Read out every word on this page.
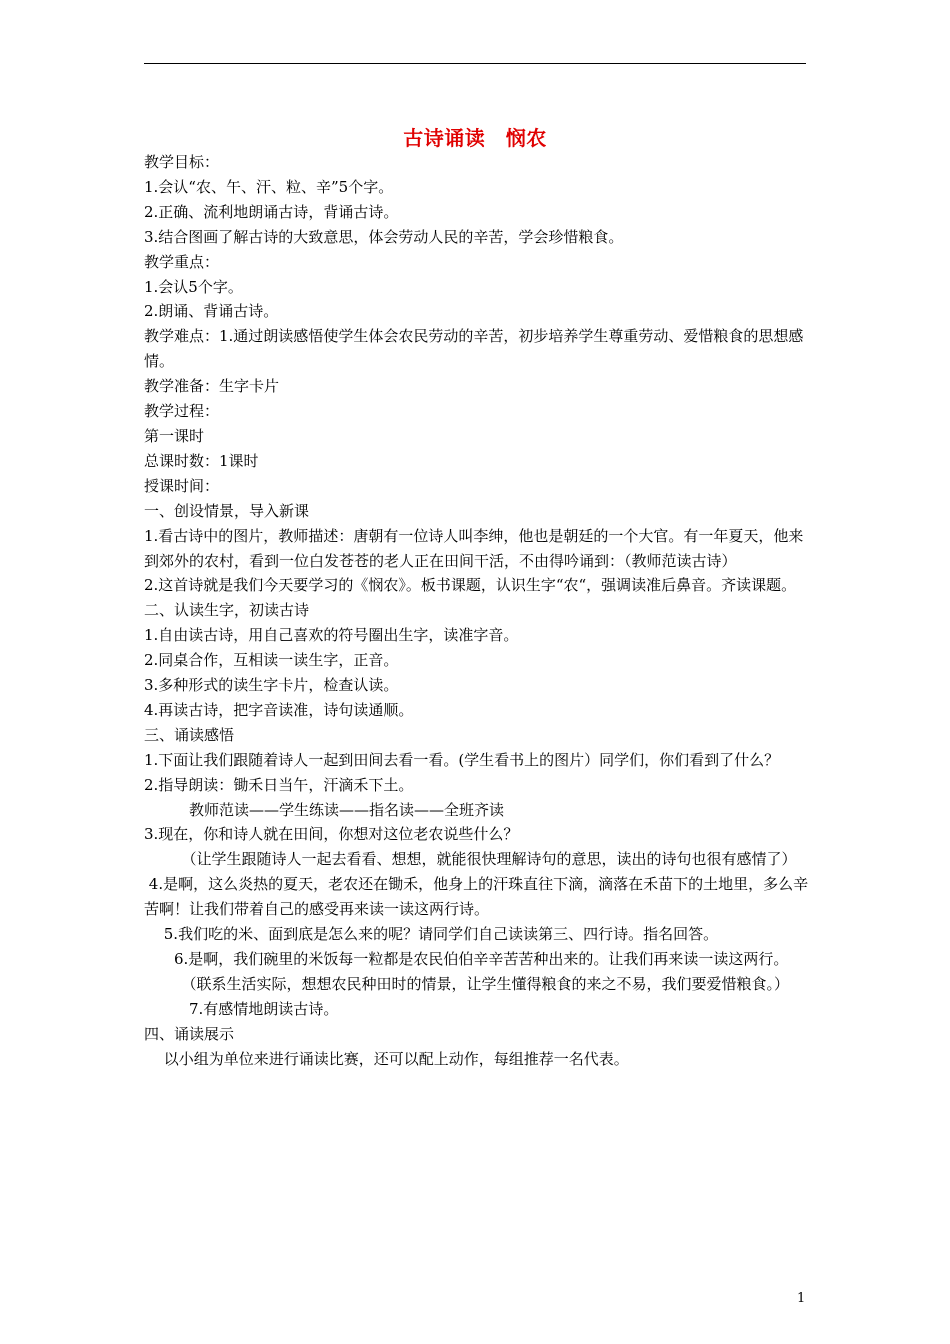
古诗诵读　悯农

教学目标：

1.会认“农、午、汗、粒、辛”5个字。

2.正确、流利地朗诵古诗，背诵古诗。

3.结合图画了解古诗的大致意思，体会劳动人民的辛苦，学会珍惜粮食。

教学重点：

1.会认5个字。

2.朗诵、背诵古诗。

教学难点：1.通过朗读感悟使学生体会农民劳动的辛苦，初步培养学生尊重劳动、爱惜粮食的思想感情。

教学准备：生字卡片

教学过程：

第一课时

总课时数：1课时

授课时间：

一、创设情景，导入新课

1.看古诗中的图片，教师描述：唐朝有一位诗人叫李绅，他也是朝廷的一个大官。有一年夏天，他来到郊外的农村，看到一位白发苍苍的老人正在田间干活，不由得吟诵到：（教师范读古诗）

2.这首诗就是我们今天要学习的《悯农》。板书课题，认识生字“农“，强调读准后鼻音。齐读课题。

二、认读生字，初读古诗

1.自由读古诗，用自己喜欢的符号圈出生字，读准字音。

2.同桌合作，互相读一读生字，正音。

3.多种形式的读生字卡片，检查认读。

4.再读古诗，把字音读准，诗句读通顺。

三、诵读感悟

1.下面让我们跟随着诗人一起到田间去看一看。(学生看书上的图片）同学们，你们看到了什么？

2.指导朗读：锄禾日当午，汗滴禾下土。

　　　教师范读——学生练读——指名读——全班齐读

3.现在，你和诗人就在田间，你想对这位老农说些什么？

　　　（让学生跟随诗人一起去看看、想想，就能很快理解诗句的意思，读出的诗句也很有感情了）

4.是啊，这么炎热的夏天，老农还在锄禾，他身上的汗珠直往下滴，滴落在禾苗下的土地里，多么辛苦啊！让我们带着自己的感受再来读一读这两行诗。

　 5.我们吃的米、面到底是怎么来的呢？请同学们自己读读第三、四行诗。指名回答。

　　6.是啊，我们碗里的米饭每一粒都是农民伯伯辛辛苦苦种出来的。让我们再来读一读这两行。

　　　（联系生活实际，想想农民种田时的情景，让学生懂得粮食的来之不易，我们要爱惜粮食。）

　　　7.有感情地朗读古诗。

四、诵读展示

　 以小组为单位来进行诵读比赛，还可以配上动作，每组推荐一名代表。

1
